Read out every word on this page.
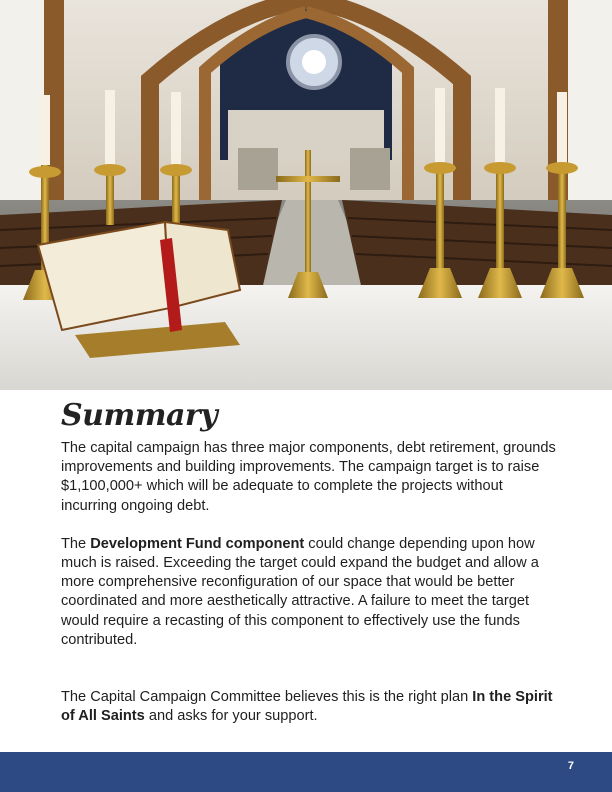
Summary

The capital campaign has three major components, debt retirement, grounds improvements and building improvements. The campaign target is to raise $1,100,000+ which will be adequate to complete the projects without incurring ongoing debt.

The Development Fund component could change depending upon how much is raised. Exceeding the target could expand the budget and allow a more comprehensive reconfiguration of our space that would be better coordinated and more aesthetically attractive. A failure to meet the target would require a recasting of this component to effectively use the funds contributed.

The Capital Campaign Committee believes this is the right plan In the Spirit of All Saints and asks for your support.

7
